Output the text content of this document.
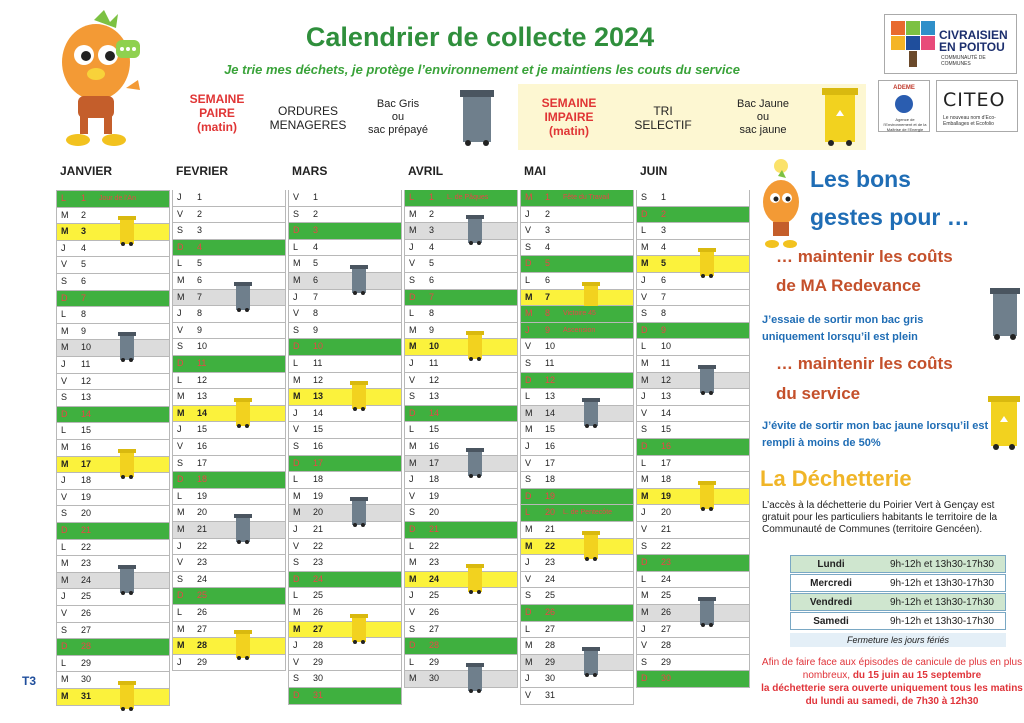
Calendrier de collecte 2024
Je trie mes déchets, je protège l’environnement et je maintiens les couts du service
CIVRAISIEN
EN POITOU
COMMUNAUTÉ DE COMMUNES
ADEME
Agence de l’Environnement et de la Maîtrise de l’Energie
CITEO
Le nouveau nom d’Eco-Emballages et Ecofolio
SEMAINE
PAIRE
(matin)
ORDURES
MENAGERES
Bac Gris
ou
sac prépayé
SEMAINE
IMPAIRE
(matin)
TRI
SELECTIF
Bac Jaune
ou
sac jaune
JANVIER
L 1 Jour de l’An
M 2
M 3
J 4
V 5
S 6
D 7
L 8
M 9
M 10
J 11
V 12
S 13
D 14
L 15
M 16
M 17
J 18
V 19
S 20
D 21
L 22
M 23
M 24
J 25
V 26
S 27
D 28
L 29
M 30
M 31
FEVRIER
J 1
V 2
S 3
D 4
L 5
M 6
M 7
J 8
V 9
S 10
D 11
L 12
M 13
M 14
J 15
V 16
S 17
D 18
L 19
M 20
M 21
J 22
V 23
S 24
D 25
L 26
M 27
M 28
J 29
MARS
V 1
S 2
D 3
L 4
M 5
M 6
J 7
V 8
S 9
D 10
L 11
M 12
M 13
J 14
V 15
S 16
D 17
L 18
M 19
M 20
J 21
V 22
S 23
D 24
L 25
M 26
M 27
J 28
V 29
S 30
D 31
AVRIL
L 1 L. de Pâques
M 2
M 3
J 4
V 5
S 6
D 7
L 8
M 9
M 10
J 11
V 12
S 13
D 14
L 15
M 16
M 17
J 18
V 19
S 20
D 21
L 22
M 23
M 24
J 25
V 26
S 27
D 28
L 29
M 30
MAI
M 1 Fête du Travail
J 2
V 3
S 4
D 5
L 6
M 7
M 8 Victoire 45
J 9 Ascension
V 10
S 11
D 12
L 13
M 14
M 15
J 16
V 17
S 18
D 19
L 20 L. de Pentecôte
M 21
M 22
J 23
V 24
S 25
D 26
L 27
M 28
M 29
J 30
V 31
JUIN
S 1
D 2
L 3
M 4
M 5
J 6
V 7
S 8
D 9
L 10
M 11
M 12
J 13
V 14
S 15
D 16
L 17
M 18
M 19
J 20
V 21
S 22
D 23
L 24
M 25
M 26
J 27
V 28
S 29
D 30
T3
Les bons
gestes pour …
… maintenir les coûts
de MA Redevance
J’essaie de sortir mon bac gris uniquement lorsqu’il est plein
… maintenir les coûts
du service
J’évite de sortir mon bac jaune lorsqu’il est rempli à moins de 50%
La Déchetterie
L’accès à la déchetterie du Poirier Vert à Gençay est gratuit pour les particuliers habitants le territoire de la Communauté de Communes (territoire Gencéen).
Lundi	9h-12h et 13h30-17h30
Mercredi	9h-12h et 13h30-17h30
Vendredi	9h-12h et 13h30-17h30
Samedi	9h-12h et 13h30-17h30
Fermeture les jours fériés
Afin de faire face aux épisodes de canicule de plus en plus nombreux, du 15 juin au 15 septembre
la déchetterie sera ouverte uniquement tous les matins du lundi au samedi, de 7h30 à 12h30
